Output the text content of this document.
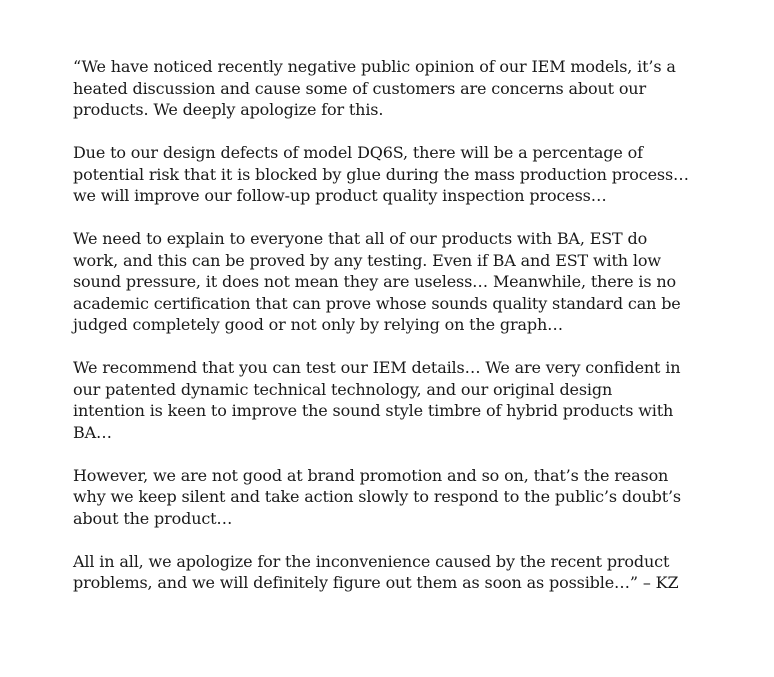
“We have noticed recently negative public opinion of our IEM models, it’s a
heated discussion and cause some of customers are concerns about our
products. We deeply apologize for this.

Due to our design defects of model DQ6S, there will be a percentage of
potential risk that it is blocked by glue during the mass production process…
we will improve our follow-up product quality inspection process…

We need to explain to everyone that all of our products with BA, EST do
work, and this can be proved by any testing. Even if BA and EST with low
sound pressure, it does not mean they are useless… Meanwhile, there is no
academic certification that can prove whose sounds quality standard can be
judged completely good or not only by relying on the graph…

We recommend that you can test our IEM details… We are very confident in
our patented dynamic technical technology, and our original design
intention is keen to improve the sound style timbre of hybrid products with
BA…

However, we are not good at brand promotion and so on, that’s the reason
why we keep silent and take action slowly to respond to the public’s doubt’s
about the product…

All in all, we apologize for the inconvenience caused by the recent product
problems, and we will definitely figure out them as soon as possible…” – KZ
